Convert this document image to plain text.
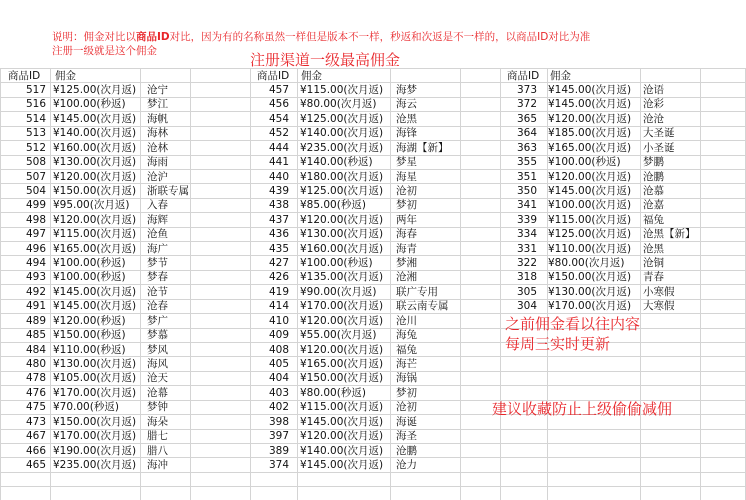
说明：佣金对比以商品ID对比，因为有的名称虽然一样但是版本不一样，秒返和次返是不一样的，以商品ID对比为准
注册一级就是这个佣金	注册渠道一级最高佣金
商品ID 佣金
517 ¥125.00(次月返) 沧宁
516 ¥100.00(秒返) 梦江
514 ¥145.00(次月返) 海帆
513 ¥140.00(次月返) 海林
512 ¥160.00(次月返) 沧林
508 ¥130.00(次月返) 海雨
507 ¥120.00(次月返) 沧沪
504 ¥150.00(次月返) 浙联专属
499 ¥95.00(次月返) 入春
498 ¥120.00(次月返) 海辉
497 ¥115.00(次月返) 沧鱼
496 ¥165.00(次月返) 海广
494 ¥100.00(秒返) 梦节
493 ¥100.00(秒返) 梦春
492 ¥145.00(次月返) 沧节
491 ¥145.00(次月返) 沧春
489 ¥120.00(秒返) 梦广
485 ¥150.00(秒返) 梦慕
484 ¥110.00(秒返) 梦风
480 ¥130.00(次月返) 海风
478 ¥105.00(次月返) 沧天
476 ¥170.00(次月返) 沧幕
475 ¥70.00(秒返)	梦钟
473 ¥150.00(次月返) 海朵
467 ¥170.00(次月返) 腊七
466 ¥190.00(次月返) 腊八
465 ¥235.00(次月返) 海冲
商品ID 佣金
457 ¥115.00(次月返) 海梦
456 ¥80.00(次月返) 海云
454 ¥125.00(次月返) 沧黑
452 ¥140.00(次月返) 海锋
444 ¥235.00(次月返) 海湖【新】
441 ¥140.00(秒返) 梦星
440 ¥180.00(次月返) 海星
439 ¥125.00(次月返) 沧初
438 ¥85.00(秒返)	梦初
437 ¥120.00(次月返) 两年
436 ¥130.00(次月返) 海春
435 ¥160.00(次月返) 海青
427 ¥100.00(秒返) 梦湘
426 ¥135.00(次月返) 沧湘
419 ¥90.00(次月返) 联广专用
414 ¥170.00(次月返) 联云南专属
410 ¥120.00(次月返) 沧川
409 ¥55.00(次月返) 海兔
408 ¥120.00(次月返) 福兔
405 ¥165.00(次月返) 海芒
404 ¥150.00(次月返) 海锅
403 ¥80.00(秒返)	梦初
402 ¥115.00(次月返) 沧初
398 ¥145.00(次月返) 海诞
397 ¥120.00(次月返) 海圣
389 ¥140.00(次月返) 沧鹏
374 ¥145.00(次月返) 沧力
商品ID 佣金
373 ¥145.00(次月返) 沧语
372 ¥145.00(次月返) 沧彩
365 ¥120.00(次月返) 沧沧
364 ¥185.00(次月返) 大圣诞
363 ¥165.00(次月返) 小圣诞
355 ¥100.00(秒返) 梦鹏
351 ¥120.00(次月返) 沧鹏
350 ¥145.00(次月返) 沧慕
341 ¥100.00(次月返) 沧嘉
339 ¥115.00(次月返) 福兔
334 ¥125.00(次月返) 沧黑【新】
331 ¥110.00(次月返) 沧黑
322 ¥80.00(次月返) 沧铜
318 ¥150.00(次月返) 青春
305 ¥130.00(次月返) 小寒假
304 ¥170.00(次月返) 大寒假
之前佣金看以往内容
每周三实时更新
建议收藏防止上级偷偷减佣
